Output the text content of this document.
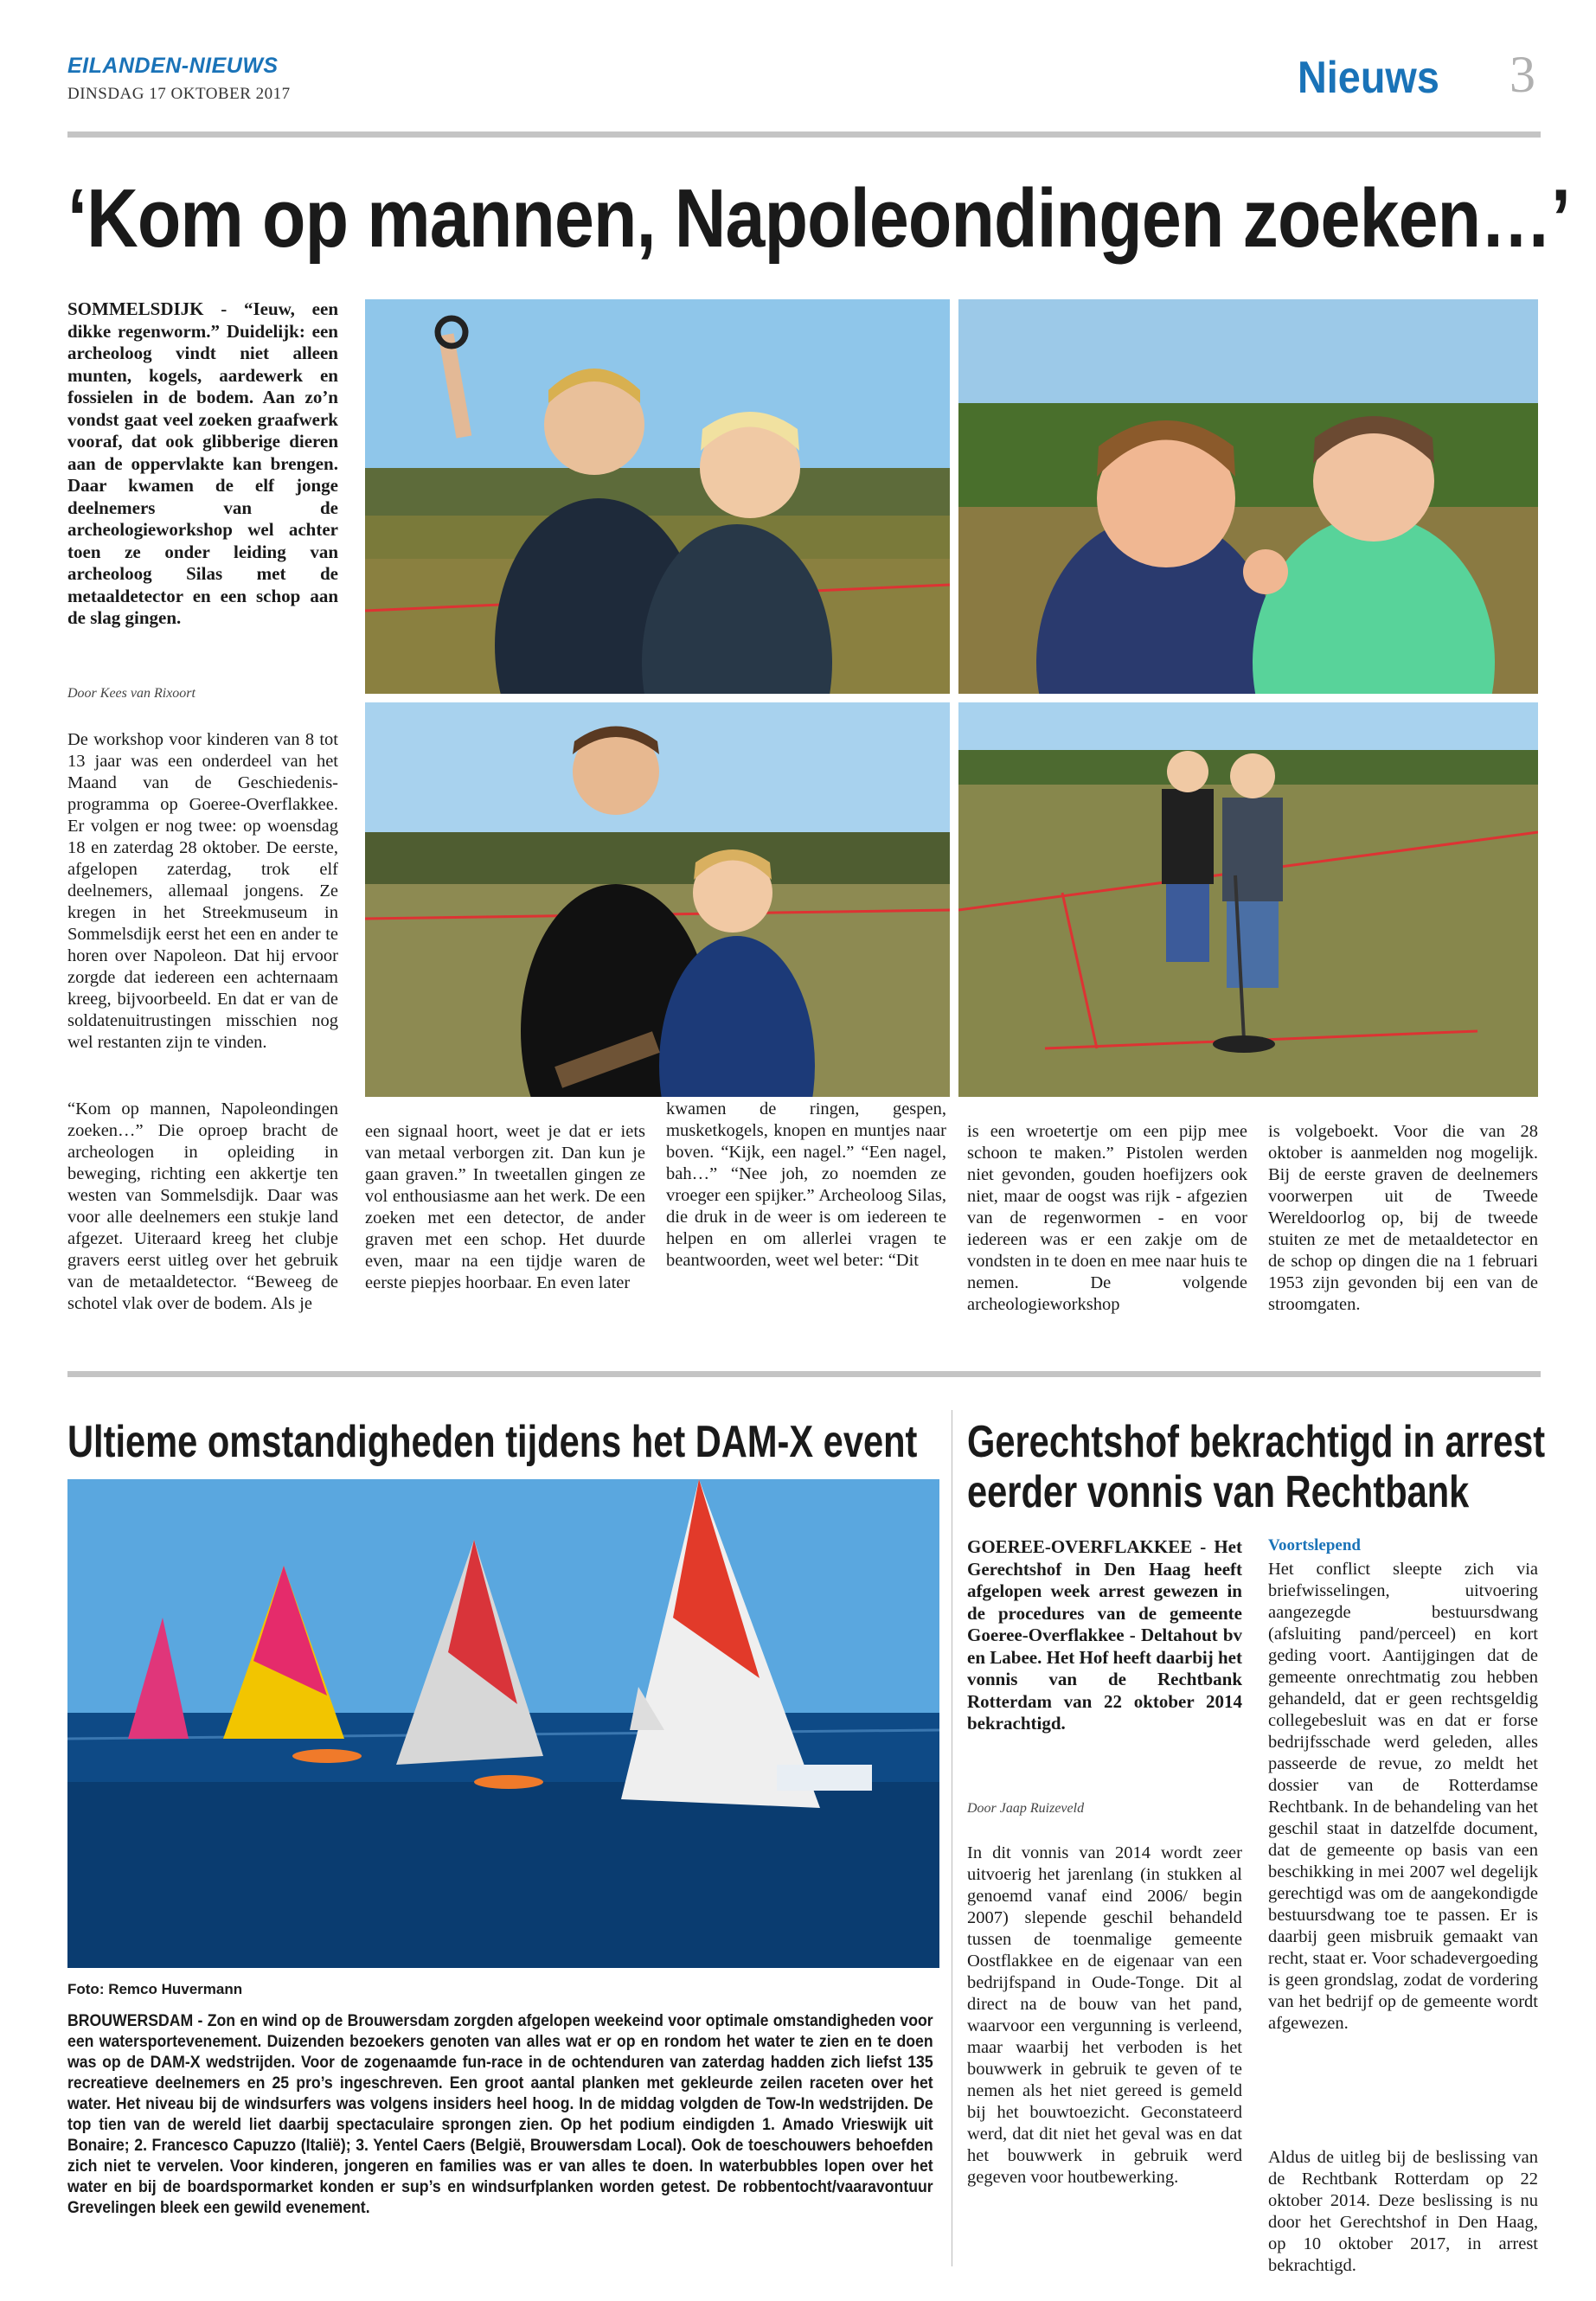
EILANDEN-NIEUWS
DINSDAG 17 OKTOBER 2017	Nieuws 3
‘Kom op mannen, Napoleondingen zoeken…’
SOMMELSDIJK - “Ieuw, een dikke regenworm.” Duidelijk: een archeoloog vindt niet alleen munten, kogels, aardewerk en fossielen in de bodem. Aan zo’n vondst gaat veel zoeken graafwerk vooraf, dat ook glibberige dieren aan de oppervlakte kan brengen. Daar kwamen de elf jonge deelnemers van de archeologieworkshop wel achter toen ze onder leiding van archeoloog Silas met de metaaldetector en een schop aan de slag gingen.
Door Kees van Rixoort
De workshop voor kinderen van 8 tot 13 jaar was een onderdeel van het Maand van de Geschiedenis-programma op Goeree-Overflakkee. Er volgen er nog twee: op woensdag 18 en zaterdag 28 oktober. De eerste, afgelopen zaterdag, trok elf deelnemers, allemaal jongens. Ze kregen in het Streekmuseum in Sommelsdijk eerst het een en ander te horen over Napoleon. Dat hij ervoor zorgde dat iedereen een achternaam kreeg, bijvoorbeeld. En dat er van de soldatenuitrustingen misschien nog wel restanten zijn te vinden.
“Kom op mannen, Napoleondingen zoeken…” Die oproep bracht de archeologen in opleiding in beweging, richting een akkertje ten westen van Sommelsdijk. Daar was voor alle deelnemers een stukje land afgezet. Uiteraard kreeg het clubje gravers eerst uitleg over het gebruik van de metaaldetector. “Beweeg de schotel vlak over de bodem. Als je
een signaal hoort, weet je dat er iets van metaal verborgen zit. Dan kun je gaan graven.” In tweetallen gingen ze vol enthousiasme aan het werk. De een zoeken met een detector, de ander graven met een schop. Het duurde even, maar na een tijdje waren de eerste piepjes hoorbaar. En even later
kwamen de ringen, gespen, musketkogels, knopen en muntjes naar boven. “Kijk, een nagel.” “Een nagel, bah…” “Nee joh, zo noemden ze vroeger een spijker.” Archeoloog Silas, die druk in de weer is om iedereen te helpen en om allerlei vragen te beantwoorden, weet wel beter: “Dit
is een wroetertje om een pijp mee schoon te maken.” Pistolen werden niet gevonden, gouden hoefijzers ook niet, maar de oogst was rijk - afgezien van de regenwormen - en voor iedereen was er een zakje om de vondsten in te doen en mee naar huis te nemen. De volgende archeologieworkshop
is volgeboekt. Voor die van 28 oktober is aanmelden nog mogelijk. Bij de eerste graven de deelnemers voorwerpen uit de Tweede Wereldoorlog op, bij de tweede stuiten ze met de metaaldetector en de schop op dingen die na 1 februari 1953 zijn gevonden bij een van de stroomgaten.
Ultieme omstandigheden tijdens het DAM-X event
Foto: Remco Huvermann
BROUWERSDAM - Zon en wind op de Brouwersdam zorgden afgelopen weekeind voor optimale omstandigheden voor een watersportevenement. Duizenden bezoekers genoten van alles wat er op en rondom het water te zien en te doen was op de DAM-X wedstrijden. Voor de zogenaamde fun-race in de ochtenduren van zaterdag hadden zich liefst 135 recreatieve deelnemers en 25 pro’s ingeschreven. Een groot aantal planken met gekleurde zeilen raceten over het water. Het niveau bij de windsurfers was volgens insiders heel hoog. In de middag volgden de Tow-In wedstrijden. De top tien van de wereld liet daarbij spectaculaire sprongen zien. Op het podium eindigden 1. Amado Vrieswijk uit Bonaire; 2. Francesco Capuzzo (Italië); 3. Yentel Caers (België, Brouwersdam Local). Ook de toeschouwers behoefden zich niet te vervelen. Voor kinderen, jongeren en families was er van alles te doen. In waterbubbles lopen over het water en bij de boardspormarket konden er sup’s en windsurfplanken worden getest. De robbentocht/vaaravontuur Grevelingen bleek een gewild evenement.
Gerechtshof bekrachtigd in arrest
eerder vonnis van Rechtbank
GOEREE-OVERFLAKKEE - Het Gerechtshof in Den Haag heeft afgelopen week arrest gewezen in de procedures van de gemeente Goeree-Overflakkee - Deltahout bv en Labee. Het Hof heeft daarbij het vonnis van de Rechtbank Rotterdam van 22 oktober 2014 bekrachtigd.
Door Jaap Ruizeveld
In dit vonnis van 2014 wordt zeer uitvoerig het jarenlang (in stukken al genoemd vanaf eind 2006/ begin 2007) slepende geschil behandeld tussen de toenmalige gemeente Oostflakkee en de eigenaar van een bedrijfspand in Oude-Tonge. Dit al direct na de bouw van het pand, waarvoor een vergunning is verleend, maar waarbij het verboden is het bouwwerk in gebruik te geven of te nemen als het niet gereed is gemeld bij het bouwtoezicht. Geconstateerd werd, dat dit niet het geval was en dat het bouwwerk in gebruik werd gegeven voor houtbewerking.
Voortslepend
Het conflict sleepte zich via briefwisselingen, uitvoering aangezegde bestuursdwang (afsluiting pand/perceel) en kort geding voort. Aantijgingen dat de gemeente onrechtmatig zou hebben gehandeld, dat er geen rechtsgeldig collegebesluit was en dat er forse bedrijfsschade werd geleden, alles passeerde de revue, zo meldt het dossier van de Rotterdamse Rechtbank. In de behandeling van het geschil staat in datzelfde document, dat de gemeente op basis van een beschikking in mei 2007 wel degelijk gerechtigd was om de aangekondigde bestuursdwang toe te passen. Er is daarbij geen misbruik gemaakt van recht, staat er. Voor schadevergoeding is geen grondslag, zodat de vordering van het bedrijf op de gemeente wordt afgewezen.
Aldus de uitleg bij de beslissing van de Rechtbank Rotterdam op 22 oktober 2014. Deze beslissing is nu door het Gerechtshof in Den Haag, op 10 oktober 2017, in arrest bekrachtigd.
